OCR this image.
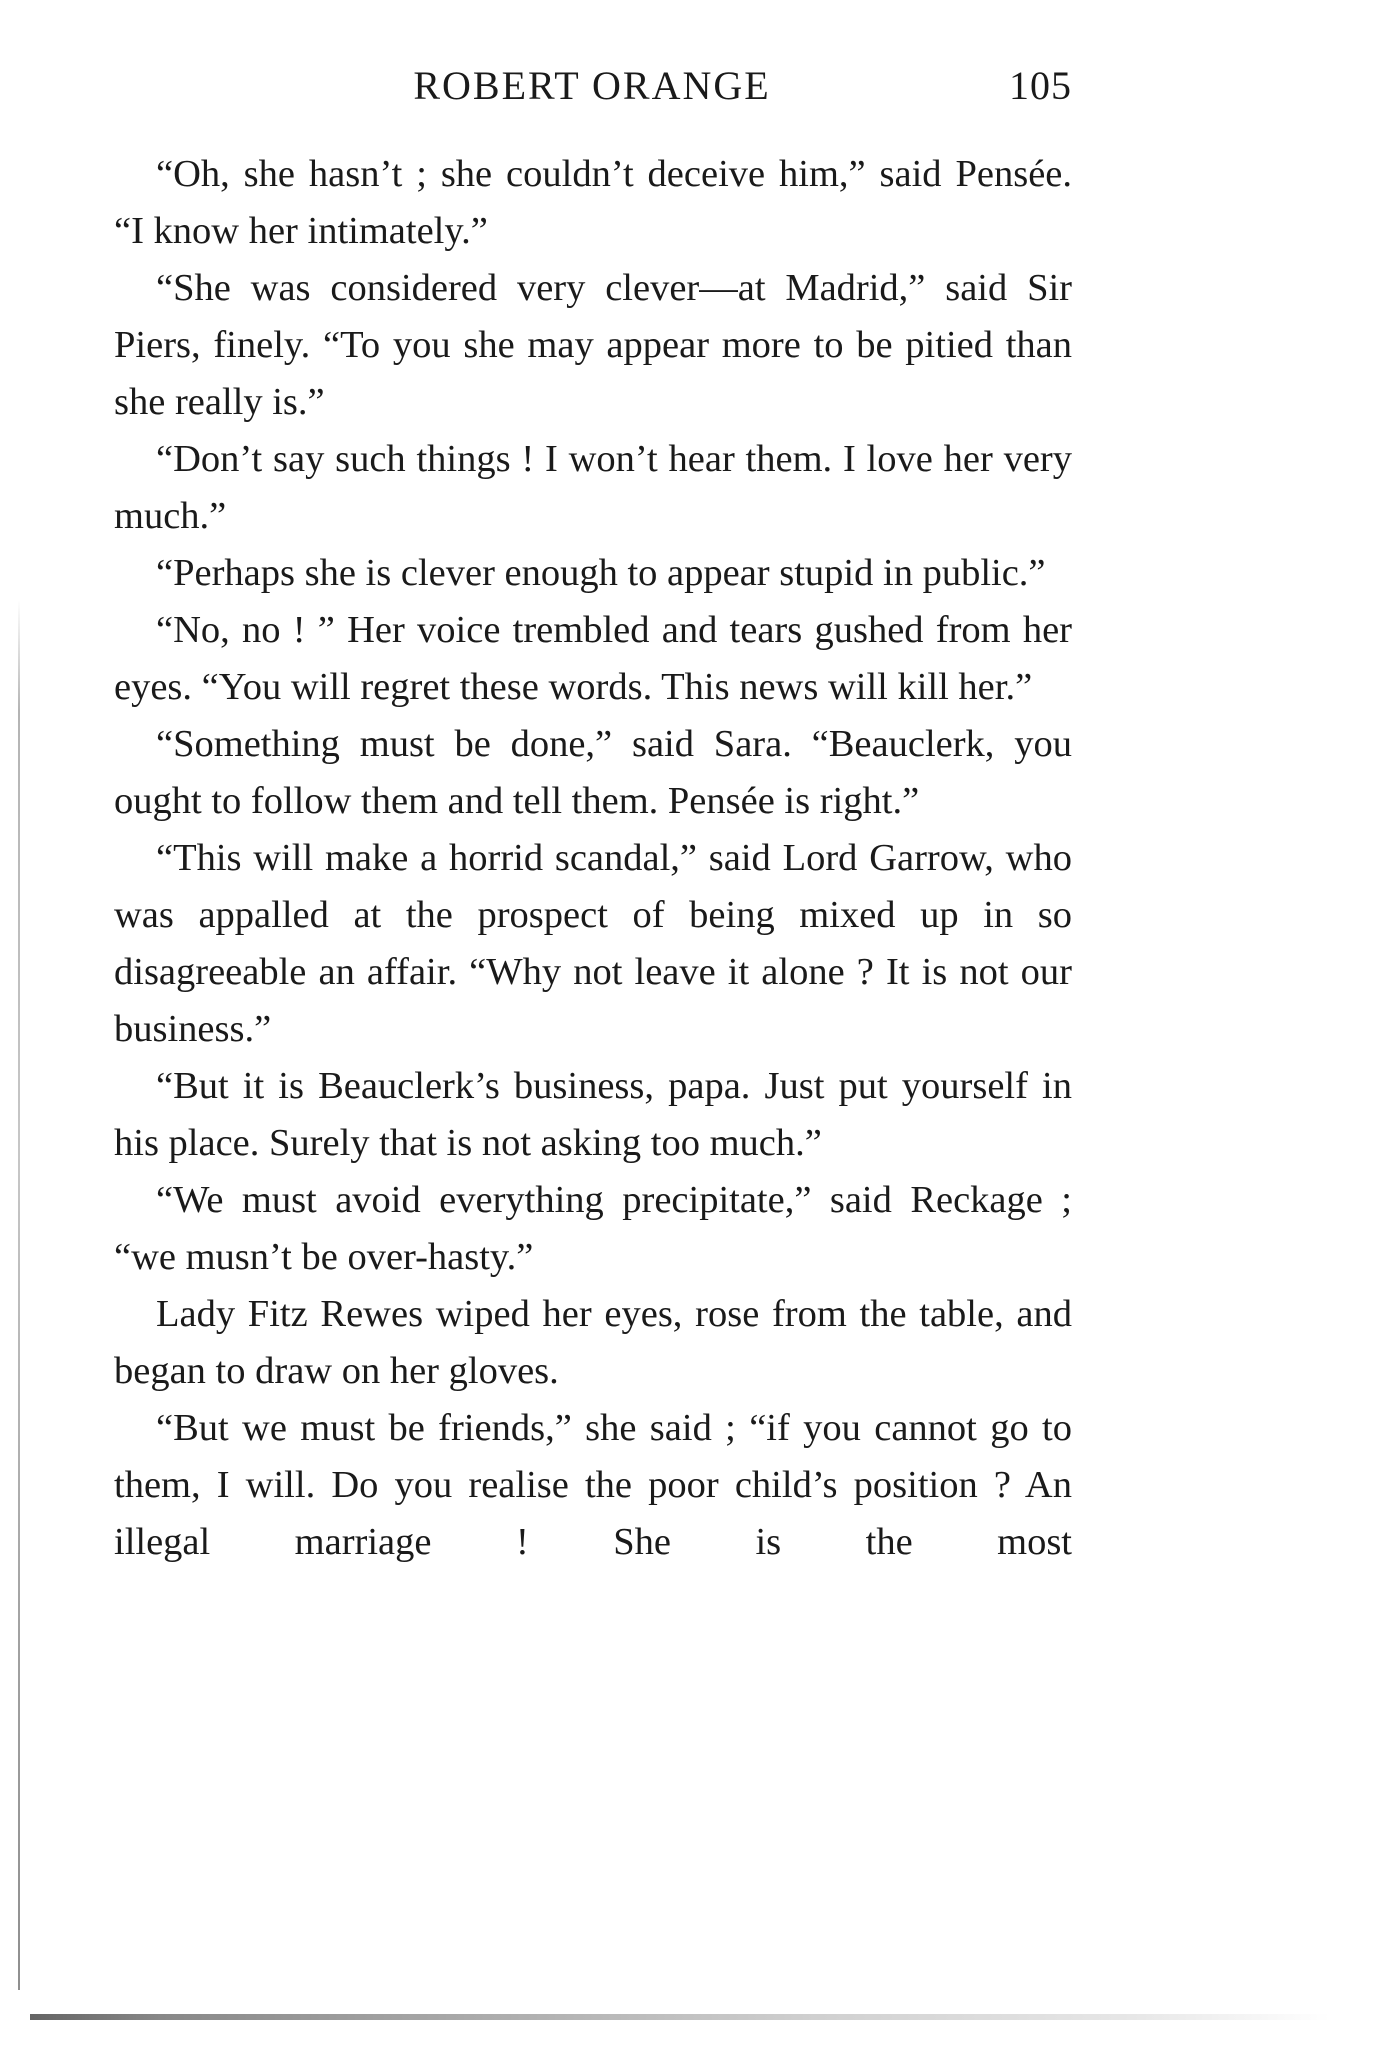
ROBERT ORANGE	105

“Oh, she hasn’t ; she couldn’t deceive him,” said Pensée. “I know her intimately.”

“She was considered very clever—at Madrid,” said Sir Piers, finely. “To you she may appear more to be pitied than she really is.”

“Don’t say such things ! I won’t hear them. I love her very much.”

“Perhaps she is clever enough to appear stupid in public.”

“No, no ! ” Her voice trembled and tears gushed from her eyes. “You will regret these words. This news will kill her.”

“Something must be done,” said Sara. “Beauclerk, you ought to follow them and tell them. Pensée is right.”

“This will make a horrid scandal,” said Lord Garrow, who was appalled at the prospect of being mixed up in so disagreeable an affair. “Why not leave it alone ? It is not our business.”

“But it is Beauclerk’s business, papa. Just put yourself in his place. Surely that is not asking too much.”

“We must avoid everything precipitate,” said Reckage ; “we musn’t be over-hasty.”

Lady Fitz Rewes wiped her eyes, rose from the table, and began to draw on her gloves.

“But we must be friends,” she said ; “if you cannot go to them, I will. Do you realise the poor child’s position ? An illegal marriage ! She is the most
